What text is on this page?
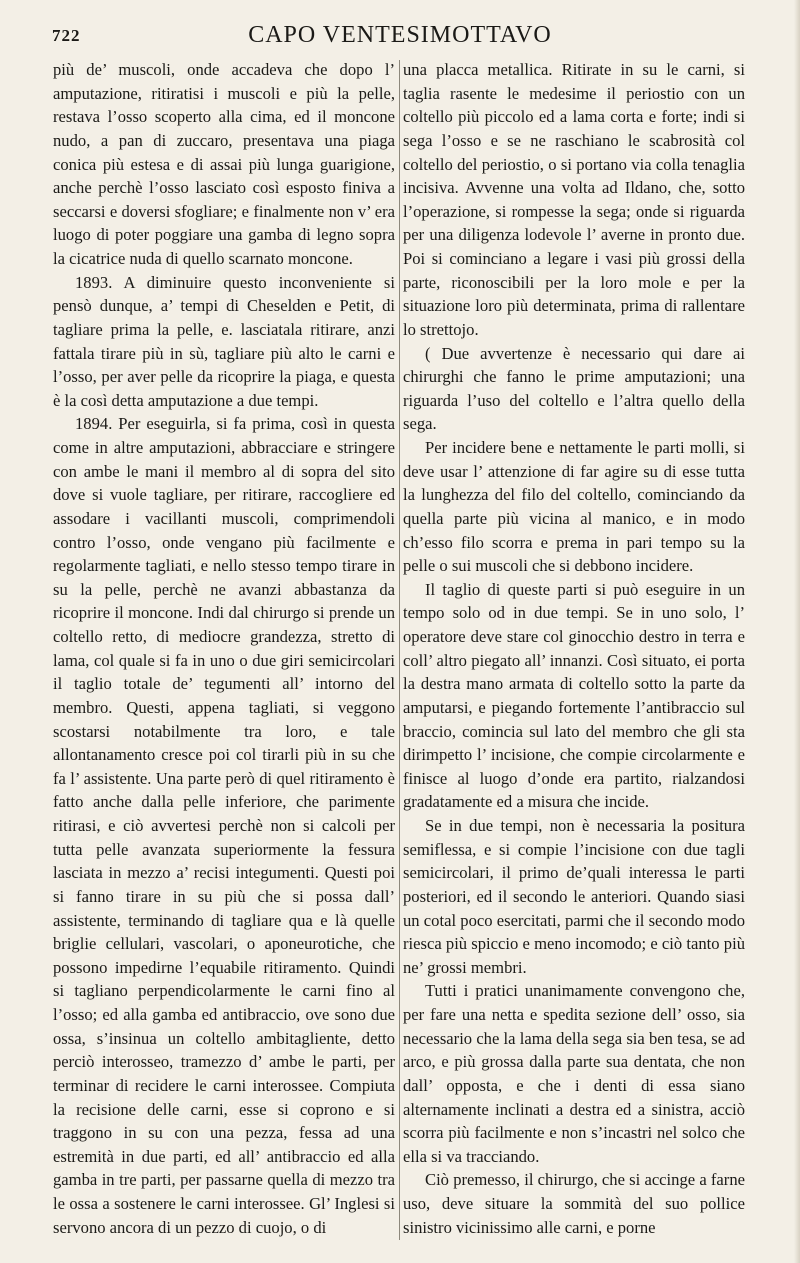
722	CAPO VENTESIMOTTAVO

più de’ muscoli, onde accadeva che dopo l’ amputazione, ritiratisi i muscoli e più la pelle, restava l’osso scoperto alla cima, ed il moncone nudo, a pan di zuccaro, presentava una piaga conica più estesa e di assai più lunga guarigione, anche perchè l’osso lasciato così esposto finiva a seccarsi e doversi sfogliare; e finalmente non v’ era luogo di poter poggiare una gamba di legno sopra la cicatrice nuda di quello scarnato moncone.

1893. A diminuire questo inconveniente si pensò dunque, a’ tempi di Cheselden e Petit, di tagliare prima la pelle, e. lasciatala ritirare, anzi fattala tirare più in sù, tagliare più alto le carni e l’osso, per aver pelle da ricoprire la piaga, e questa è la così detta amputazione a due tempi.

1894. Per eseguirla, si fa prima, così in questa come in altre amputazioni, abbracciare e stringere con ambe le mani il membro al di sopra del sito dove si vuole tagliare, per ritirare, raccogliere ed assodare i vacillanti muscoli, comprimendoli contro l’osso, onde vengano più facilmente e regolarmente tagliati, e nello stesso tempo tirare in su la pelle, perchè ne avanzi abbastanza da ricoprire il moncone. Indi dal chirurgo si prende un coltello retto, di mediocre grandezza, stretto di lama, col quale si fa in uno o due giri semicircolari il taglio totale de’ tegumenti all’ intorno del membro. Questi, appena tagliati, si veggono scostarsi notabilmente tra loro, e tale allontanamento cresce poi col tirarli più in su che fa l’ assistente. Una parte però di quel ritiramento è fatto anche dalla pelle inferiore, che parimente ritirasi, e ciò avvertesi perchè non si calcoli per tutta pelle avanzata superiormente la fessura lasciata in mezzo a’ recisi integumenti. Questi poi si fanno tirare in su più che si possa dall’ assistente, terminando di tagliare qua e là quelle briglie cellulari, vascolari, o aponeurotiche, che possono impedirne l’equabile ritiramento. Quindi si tagliano perpendicolarmente le carni fino al l’osso; ed alla gamba ed antibraccio, ove sono due ossa, s’insinua un coltello ambitagliente, detto perciò interosseo, tramezzo d’ ambe le parti, per terminar di recidere le carni interossee. Compiuta la recisione delle carni, esse si coprono e si traggono in su con una pezza, fessa ad una estremità in due parti, ed all’ antibraccio ed alla gamba in tre parti, per passarne quella di mezzo tra le ossa a sostenere le carni interossee. Gl’ Inglesi si servono ancora di un pezzo di cuojo, o di

una placca metallica. Ritirate in su le carni, si taglia rasente le medesime il periostio con un coltello più piccolo ed a lama corta e forte; indi si sega l’osso e se ne raschiano le scabrosità col coltello del periostio, o si portano via colla tenaglia incisiva. Avvenne una volta ad Ildano, che, sotto l’operazione, si rompesse la sega; onde si riguarda per una diligenza lodevole l’ averne in pronto due. Poi si cominciano a legare i vasi più grossi della parte, riconoscibili per la loro mole e per la situazione loro più determinata, prima di rallentare lo strettojo.

( Due avvertenze è necessario qui dare ai chirurghi che fanno le prime amputazioni; una riguarda l’uso del coltello e l’altra quello della sega.

Per incidere bene e nettamente le parti molli, si deve usar l’ attenzione di far agire su di esse tutta la lunghezza del filo del coltello, cominciando da quella parte più vicina al manico, e in modo ch’esso filo scorra e prema in pari tempo su la pelle o sui muscoli che si debbono incidere.

Il taglio di queste parti si può eseguire in un tempo solo od in due tempi. Se in uno solo, l’ operatore deve stare col ginocchio destro in terra e coll’ altro piegato all’ innanzi. Così situato, ei porta la destra mano armata di coltello sotto la parte da amputarsi, e piegando fortemente l’antibraccio sul braccio, comincia sul lato del membro che gli sta dirimpetto l’ incisione, che compie circolarmente e finisce al luogo d’onde era partito, rialzandosi gradatamente ed a misura che incide.

Se in due tempi, non è necessaria la positura semiflessa, e si compie l’incisione con due tagli semicircolari, il primo de’quali interessa le parti posteriori, ed il secondo le anteriori. Quando siasi un cotal poco esercitati, parmi che il secondo modo riesca più spiccio e meno incomodo; e ciò tanto più ne’ grossi membri.

Tutti i pratici unanimamente convengono che, per fare una netta e spedita sezione dell’ osso, sia necessario che la lama della sega sia ben tesa, se ad arco, e più grossa dalla parte sua dentata, che non dall’ opposta, e che i denti di essa siano alternamente inclinati a destra ed a sinistra, acciò scorra più facilmente e non s’incastri nel solco che ella si va tracciando.

Ciò premesso, il chirurgo, che si accinge a farne uso, deve situare la sommità del suo pollice sinistro vicinissimo alle carni, e porne
